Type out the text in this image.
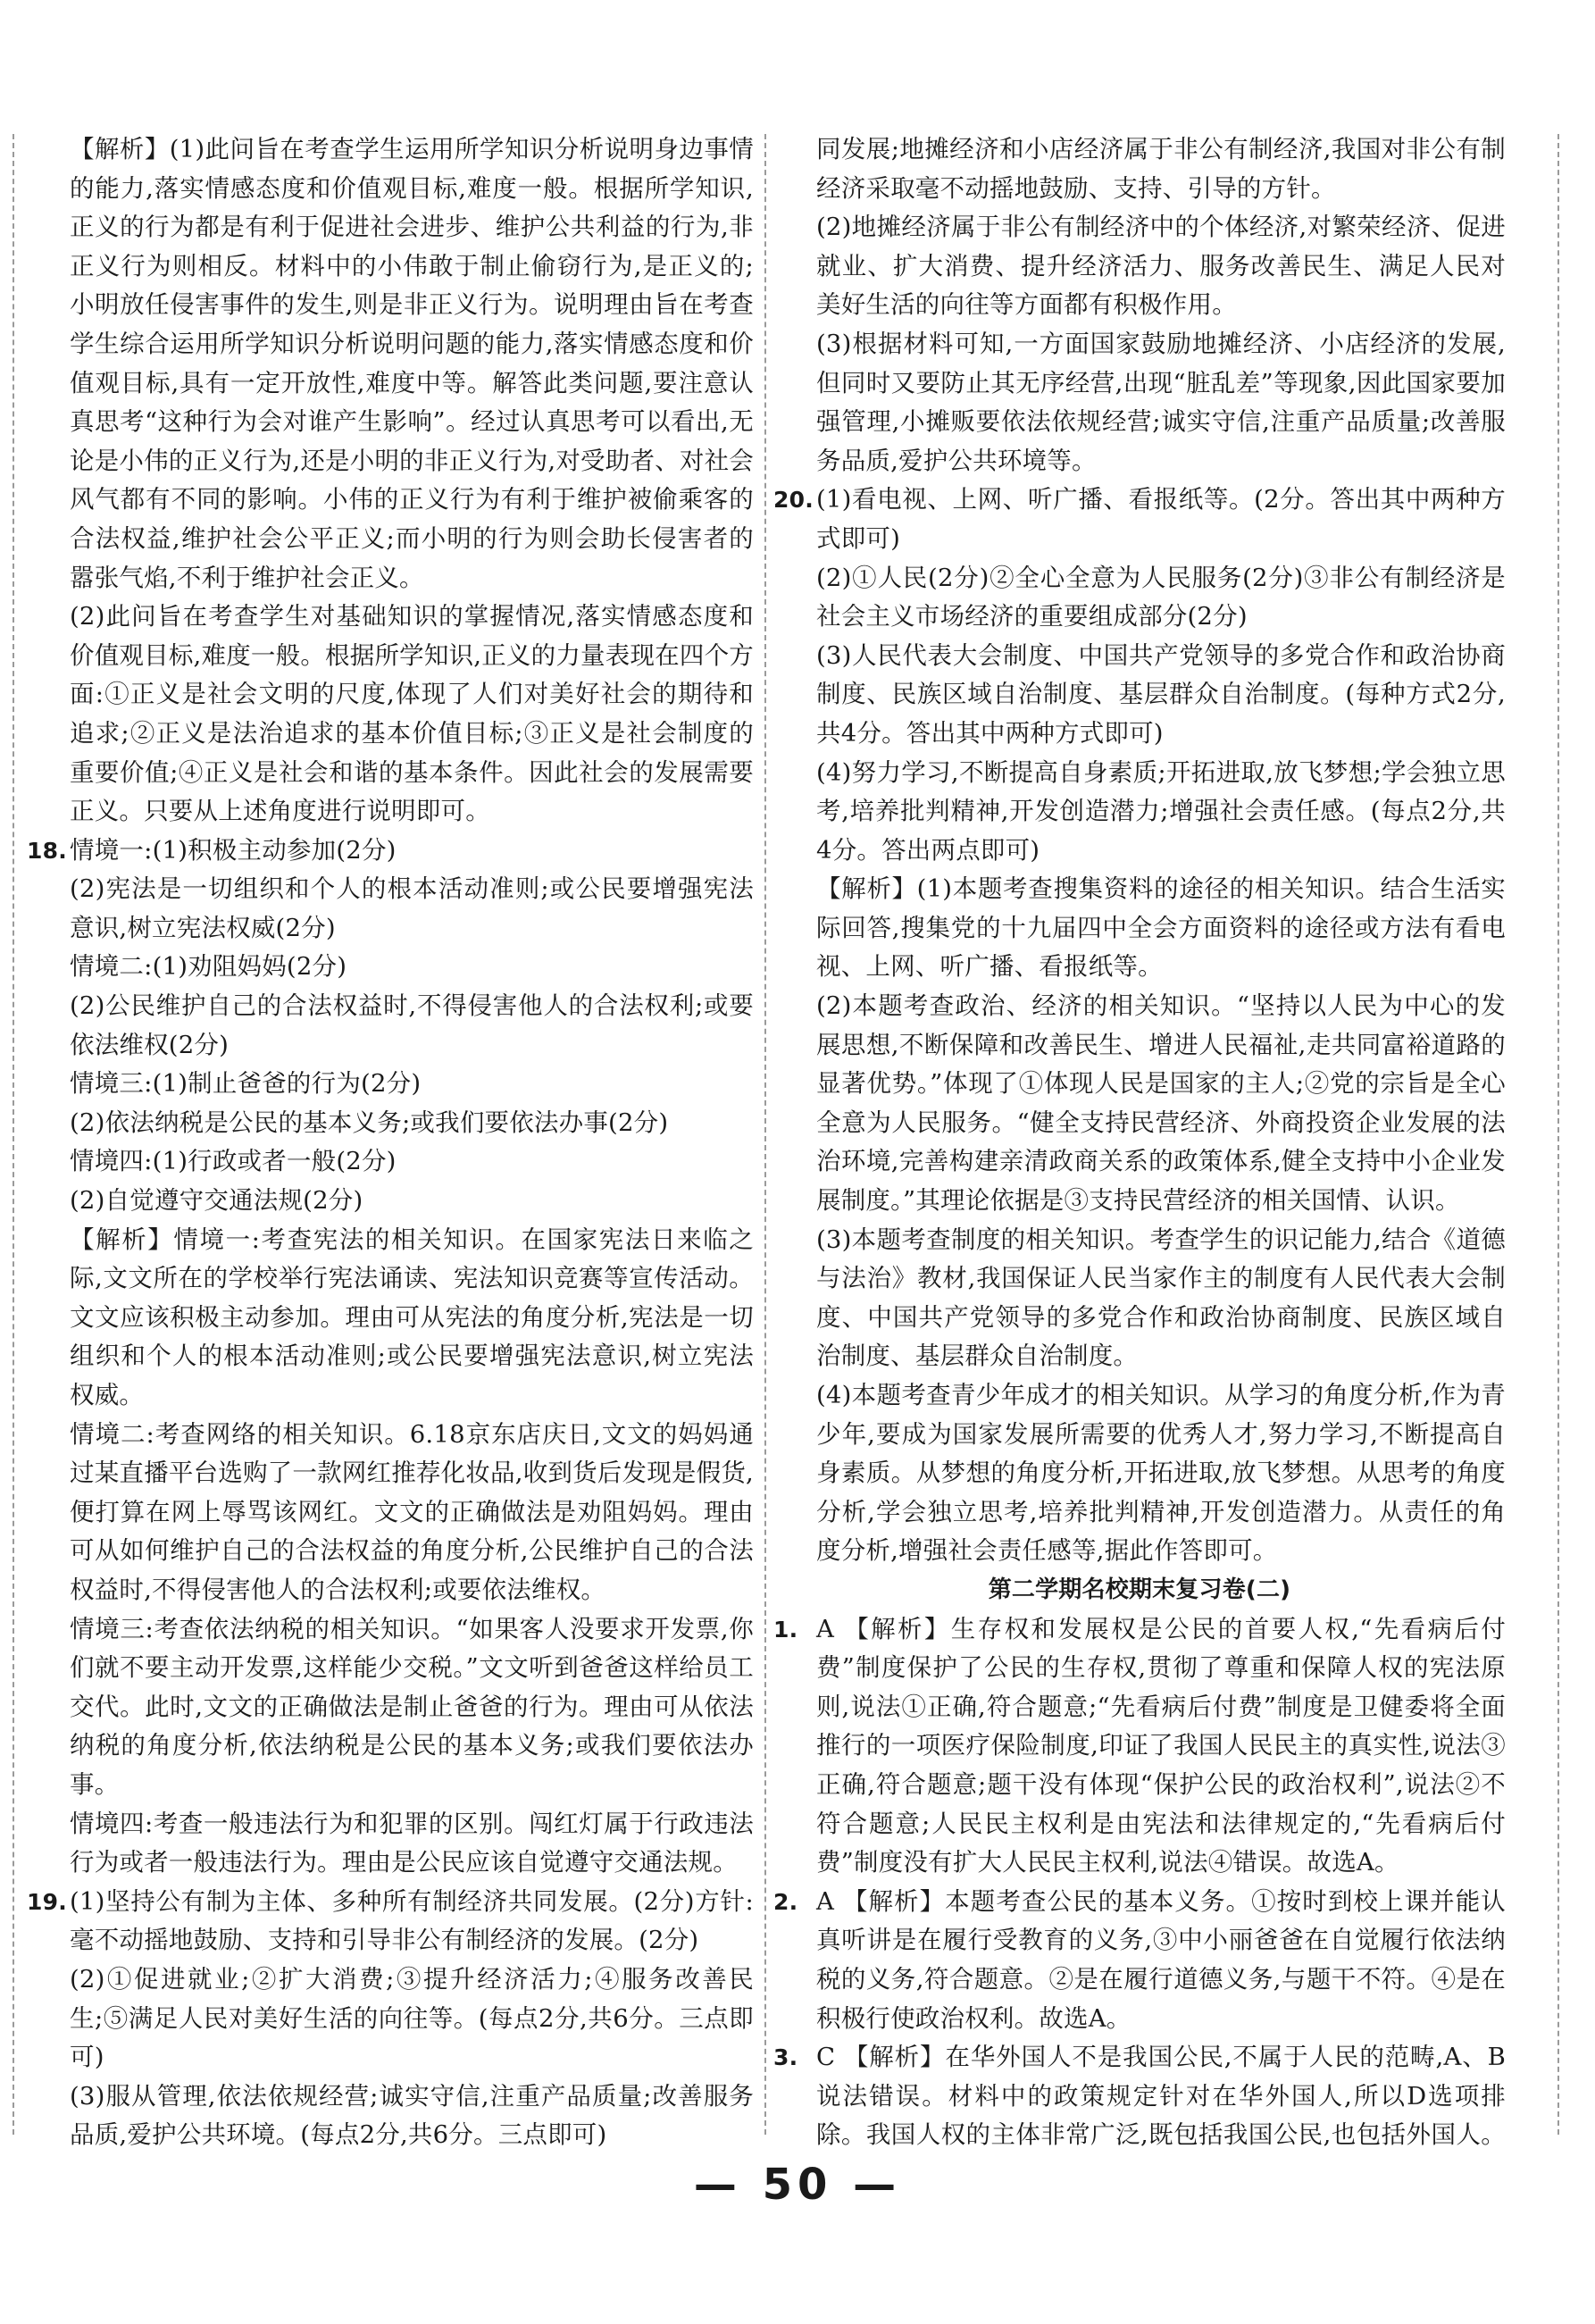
【解析】(1)此问旨在考查学生运用所学知识分析说明身边事情的能力,落实情感态度和价值观目标,难度一般。根据所学知识,正义的行为都是有利于促进社会进步、维护公共利益的行为,非正义行为则相反。材料中的小伟敢于制止偷窃行为,是正义的;小明放任侵害事件的发生,则是非正义行为。说明理由旨在考查学生综合运用所学知识分析说明问题的能力,落实情感态度和价值观目标,具有一定开放性,难度中等。解答此类问题,要注意认真思考“这种行为会对谁产生影响”。经过认真思考可以看出,无论是小伟的正义行为,还是小明的非正义行为,对受助者、对社会风气都有不同的影响。小伟的正义行为有利于维护被偷乘客的合法权益,维护社会公平正义;而小明的行为则会助长侵害者的嚣张气焰,不利于维护社会正义。

(2)此问旨在考查学生对基础知识的掌握情况,落实情感态度和价值观目标,难度一般。根据所学知识,正义的力量表现在四个方面:①正义是社会文明的尺度,体现了人们对美好社会的期待和追求;②正义是法治追求的基本价值目标;③正义是社会制度的重要价值;④正义是社会和谐的基本条件。因此社会的发展需要正义。只要从上述角度进行说明即可。

18. 情境一:(1)积极主动参加(2分)

(2)宪法是一切组织和个人的根本活动准则;或公民要增强宪法意识,树立宪法权威(2分)

情境二:(1)劝阻妈妈(2分)

(2)公民维护自己的合法权益时,不得侵害他人的合法权利;或要依法维权(2分)

情境三:(1)制止爸爸的行为(2分)

(2)依法纳税是公民的基本义务;或我们要依法办事(2分)

情境四:(1)行政或者一般(2分)

(2)自觉遵守交通法规(2分)

【解析】情境一:考查宪法的相关知识。在国家宪法日来临之际,文文所在的学校举行宪法诵读、宪法知识竞赛等宣传活动。文文应该积极主动参加。理由可从宪法的角度分析,宪法是一切组织和个人的根本活动准则;或公民要增强宪法意识,树立宪法权威。

情境二:考查网络的相关知识。6.18京东店庆日,文文的妈妈通过某直播平台选购了一款网红推荐化妆品,收到货后发现是假货,便打算在网上辱骂该网红。文文的正确做法是劝阻妈妈。理由可从如何维护自己的合法权益的角度分析,公民维护自己的合法权益时,不得侵害他人的合法权利;或要依法维权。

情境三:考查依法纳税的相关知识。“如果客人没要求开发票,你们就不要主动开发票,这样能少交税。”文文听到爸爸这样给员工交代。此时,文文的正确做法是制止爸爸的行为。理由可从依法纳税的角度分析,依法纳税是公民的基本义务;或我们要依法办事。

情境四:考查一般违法行为和犯罪的区别。闯红灯属于行政违法行为或者一般违法行为。理由是公民应该自觉遵守交通法规。

19. (1)坚持公有制为主体、多种所有制经济共同发展。(2分)方针:毫不动摇地鼓励、支持和引导非公有制经济的发展。(2分)

(2)①促进就业;②扩大消费;③提升经济活力;④服务改善民生;⑤满足人民对美好生活的向往等。(每点2分,共6分。三点即可)

(3)服从管理,依法依规经营;诚实守信,注重产品质量;改善服务品质,爱护公共环境。(每点2分,共6分。三点即可)

同发展;地摊经济和小店经济属于非公有制经济,我国对非公有制经济采取毫不动摇地鼓励、支持、引导的方针。

(2)地摊经济属于非公有制经济中的个体经济,对繁荣经济、促进就业、扩大消费、提升经济活力、服务改善民生、满足人民对美好生活的向往等方面都有积极作用。

(3)根据材料可知,一方面国家鼓励地摊经济、小店经济的发展,但同时又要防止其无序经营,出现“脏乱差”等现象,因此国家要加强管理,小摊贩要依法依规经营;诚实守信,注重产品质量;改善服务品质,爱护公共环境等。

20. (1)看电视、上网、听广播、看报纸等。(2分。答出其中两种方式即可)

(2)①人民(2分)②全心全意为人民服务(2分)③非公有制经济是社会主义市场经济的重要组成部分(2分)

(3)人民代表大会制度、中国共产党领导的多党合作和政治协商制度、民族区域自治制度、基层群众自治制度。(每种方式2分,共4分。答出其中两种方式即可)

(4)努力学习,不断提高自身素质;开拓进取,放飞梦想;学会独立思考,培养批判精神,开发创造潜力;增强社会责任感。(每点2分,共4分。答出两点即可)

【解析】(1)本题考查搜集资料的途径的相关知识。结合生活实际回答,搜集党的十九届四中全会方面资料的途径或方法有看电视、上网、听广播、看报纸等。

(2)本题考查政治、经济的相关知识。“坚持以人民为中心的发展思想,不断保障和改善民生、增进人民福祉,走共同富裕道路的显著优势。”体现了①体现人民是国家的主人;②党的宗旨是全心全意为人民服务。“健全支持民营经济、外商投资企业发展的法治环境,完善构建亲清政商关系的政策体系,健全支持中小企业发展制度。”其理论依据是③支持民营经济的相关国情、认识。

(3)本题考查制度的相关知识。考查学生的识记能力,结合《道德与法治》教材,我国保证人民当家作主的制度有人民代表大会制度、中国共产党领导的多党合作和政治协商制度、民族区域自治制度、基层群众自治制度。

(4)本题考查青少年成才的相关知识。从学习的角度分析,作为青少年,要成为国家发展所需要的优秀人才,努力学习,不断提高自身素质。从梦想的角度分析,开拓进取,放飞梦想。从思考的角度分析,学会独立思考,培养批判精神,开发创造潜力。从责任的角度分析,增强社会责任感等,据此作答即可。

第二学期名校期末复习卷(二)

1. A 【解析】生存权和发展权是公民的首要人权,“先看病后付费”制度保护了公民的生存权,贯彻了尊重和保障人权的宪法原则,说法①正确,符合题意;“先看病后付费”制度是卫健委将全面推行的一项医疗保险制度,印证了我国人民民主的真实性,说法③正确,符合题意;题干没有体现“保护公民的政治权利”,说法②不符合题意;人民民主权利是由宪法和法律规定的,“先看病后付费”制度没有扩大人民民主权利,说法④错误。故选A。

2. A 【解析】本题考查公民的基本义务。①按时到校上课并能认真听讲是在履行受教育的义务,③中小丽爸爸在自觉履行依法纳税的义务,符合题意。②是在履行道德义务,与题干不符。④是在积极行使政治权利。故选A。

3. C 【解析】在华外国人不是我国公民,不属于人民的范畴,A、B说法错误。材料中的政策规定针对在华外国人,所以D选项排除。我国人权的主体非常广泛,既包括我国公民,也包括外国人。

— 50 —
